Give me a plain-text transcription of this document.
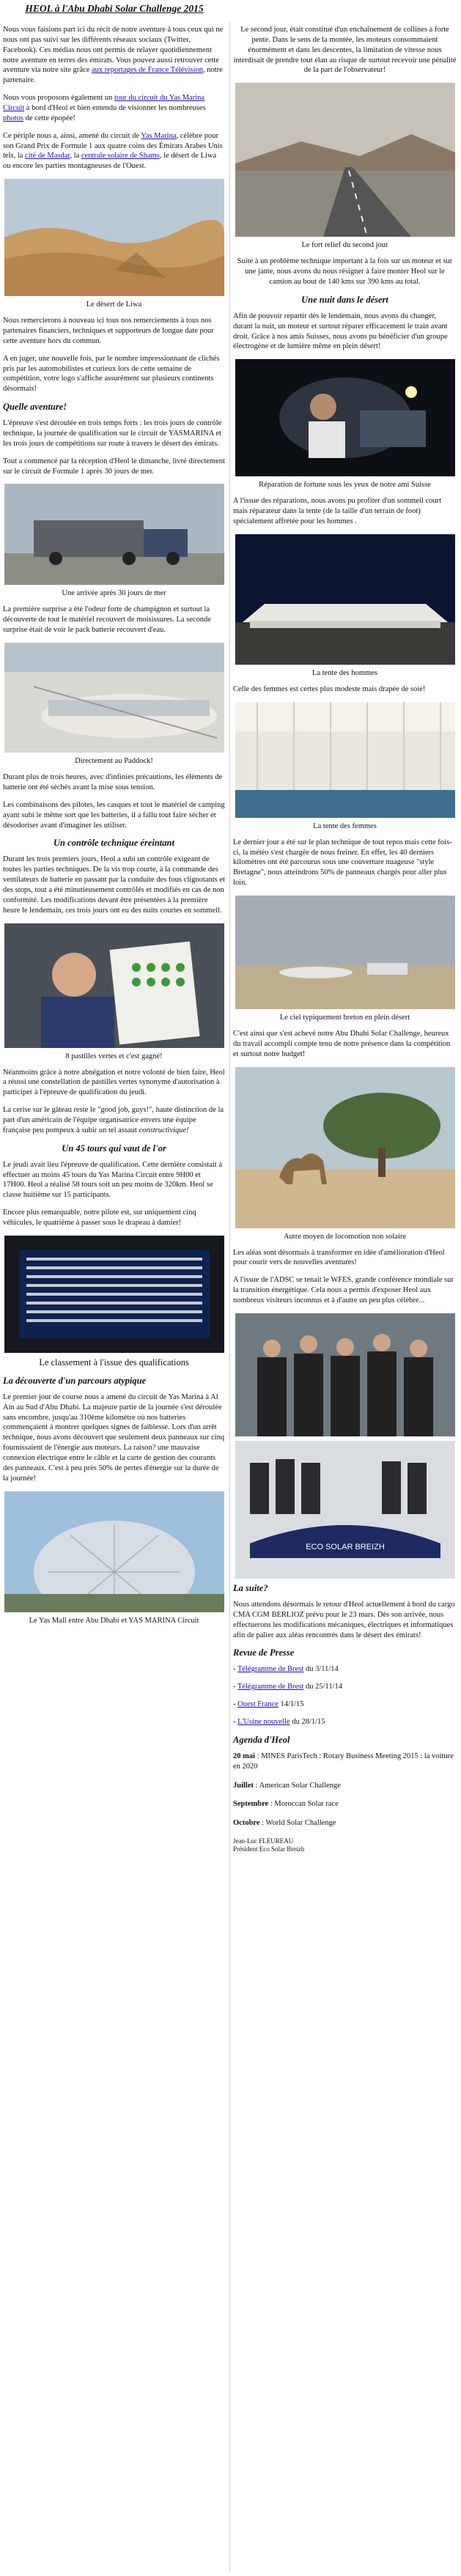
HEOL à l'Abu Dhabi Solar Challenge 2015

Nous vous faisions part ici du récit de notre aventure à tous ceux qui ne nous ont pas suivi sur les différents réseaux sociaux (Twitter, Facebook). Ces médias nous ont permis de relayer quotidiennement notre aventure en terres des émirats. Vous pouvez aussi retrouver cette aventure via notre site grâce aux reportages de France Télévision, notre partenaire.

Nous vous proposons également un tour du circuit du Yas Marina Circuit à bord d'Heol et bien entendu de visionner les nombreuses photos de cette épopée!

Ce périple nous a, ainsi, amené du circuit de Yas Marina, célèbre pour son Grand Prix de Formule 1 aux quatre coins des Émirats Arabes Unis tels, la cité de Masdar, la centrale solaire de Shams, le désert de Liwa ou encore les parties montagneuses de l'Ouest.

Le désert de Liwa

Nous remercierons à nouveau ici tous nos remerciements à tous nos partenaires financiers, techniques et supporteurs de longue date pour cette aventure hors du commun.

A en juger, une nouvelle fois, par le nombre impressionnant de clichés pris par les automobilistes et curieux lors de cette semaine de compétition, votre logo s'affiche assurément sur plusieurs continents désormais!

Quelle aventure!

L'épreuve s'est déroulée en trois temps forts : les trois jours de contrôle technique, la journée de qualification sur le circuit de YASMARINA et les trois jours de compétitions sur route à travers le désert des émirats.

Tout a commencé par la réception d'Heol le dimanche, livré directement sur le circuit de Formule 1 après 30 jours de mer.

Une arrivée après 30 jours de mer

La première surprise a été l'odeur forte de champignon et surtout la découverte de tout le matériel recouvert de moisissures. La seconde surprise était de voir le pack batterie recouvert d'eau.

Directement au Paddock!

Durant plus de trois heures, avec d'infinies précautions, les éléments de batterie ont été séchés avant la mise sous tension.

Les combinaisons des pilotes, les casques et tout le matériel de camping ayant subi le même sort que les batteries, il a fallu tout faire sécher et désodoriser avant d'imaginer les utiliser.

Un contrôle technique éreintant

Durant les trois premiers jours, Heol a subi un contrôle exigeant de toutes les parties techniques. De la vis trop courte, à la commande des ventilateurs de batterie en passant par la conduite des fous clignotants et des stops, tout a été minutieusement contrôlés et modifiés en cas de non conformité. Les modifications devant être présentées à la première heure le lendemain, ces trois jours ont eu des nuits courtes en sommeil.

8 pastilles vertes et c'est gagné!

Néanmoins grâce à notre abnégation et notre volonté de bien faire, Heol a réussi une constellation de pastilles vertes synonyme d'autorisation à participer à l'épreuve de qualification du jeudi.

La cerise sur le gâteau reste le "good job, guys!", haute distinction de la part d'un américain de l'équipe organisatrice envers une équipe française peu pompeux à subir un tel assaut constructivique!

Un 45 tours qui vaut de l'or

Le jeudi avait lieu l'épreuve de qualification. Cette dernière consistait à effectuer au moins 45 tours du Yas Marina Circuit entre 9H00 et 17H00. Heol a réalisé 58 tours soit un peu moins de 320km. Heol se classe huitième sur 15 participants.

Encore plus remarquable, notre pilote est, sur uniquement cinq véhicules, le quatrième à passer sous le drapeau à damier!

Le classement à l'issue des qualifications
La découverte d'un parcours atypique

Le premier jour de course nous a amené du circuit de Yas Marina à Al Ain au Sud d'Abu Dhabi. La majeure partie de la journée s'est déroulée sans encombre, jusqu'au 310ème kilomètre où nos batteries commençaient à montrer quelques signes de faiblesse. Lors d'un arrêt technique, nous avons découvert que seulement deux panneaux sur cinq fournissaient de l'énergie aux moteurs. La raison? une mauvaise connexion électrique entre le câble et la carte de gestion des courants des panneaux. C'est à peu près 50% de pertes d'énergie sur la durée de la journée!

Le Yas Mall entre Abu Dhabi et YAS MARINA Circuit

Le second jour, était constitué d'un enchaînement de collines à forte pente. Dans le sens de la montée, les moteurs consommaient énormément et dans les descentes, la limitation de vitesse nous interdisait de prendre tout élan au risque de surtout recevoir une pénalité de la part de l'observateur!

Le fort relief du second jour

Suite à un problème technique important à la fois sur un moteur et sur une jante, nous avons du nous résigner à faire monter Heol sur le camion au bout de 140 kms sur 390 kms au total.

Une nuit dans le désert

Afin de pouvoir repartir dès le lendemain, nous avons du changer, durant la nuit, un moteur et surtout réparer efficacement le train avant droit. Grâce à nos amis Suisses, nous avons pu bénéficier d'un groupe électrogène et de lumière même en plein désert!

Réparation de fortune sous les yeux de notre ami Suisse

A l'issue des réparations, nous avons pu profiter d'un sommeil court mais réparateur dans la tente (de la taille d'un terrain de foot) spécialement affrétée pour les hommes .

La tente des hommes

Celle des femmes est certes plus modeste mais drapée de soie!

La tente des femmes

Le dernier jour a été sur le plan technique de tout repos mais cette fois-ci, la météo s'est chargée de nous freiner. En effet, les 40 derniers kilomètres ont été parcourus sous une couverture nuageuse "style Bretagne", nous atteindrons 50% de panneaux chargés pour aller plus loin.

Le ciel typiquement breton en plein désert

C'est ainsi que s'est achevé notre Abu Dhabi Solar Challenge, heureux du travail accompli compte tenu de notre présence dans la compétition et surtout notre budget!

Autre moyen de locomotion non solaire

Les aléas sont désormais à transformer en idée d'amélioration d'Heol pour courir vers de nouvelles aventures!

A l'issue de l'ADSC se tenait le WFES, grande conférence mondiale sur la transition énergétique. Cela nous a permis d'exposer Heol aux nombreux visiteurs inconnus et à d'autre un peu plus célèbre...

ECO SOLAR BREIZH
La suite?

Nous attendons désormais le retour d'Heol actuellement à bord du cargo CMA CGM BERLIOZ prévu pour le 23 mars. Dès son arrivée, nous effectuerons les modifications mécaniques, électriques et informatiques afin de palier aux aléas rencontrés dans le désert des émirats!

Revue de Presse

- Télégramme de Brest du 3/11/14

- Télégramme de Brest du 25/11/14

- Ouest France 14/1/15

- L'Usine nouvelle du 28/1/15

Agenda d'Heol

20 mai : MINES ParisTech : Rotary Business Meeting 2015 : la voiture en 2020

Juillet : American Solar Challenge

Septembre : Moroccan Solar race

Octobre : World Solar Challenge

Jean-Luc FLEUREAU
Président Eco Solar Breizh
